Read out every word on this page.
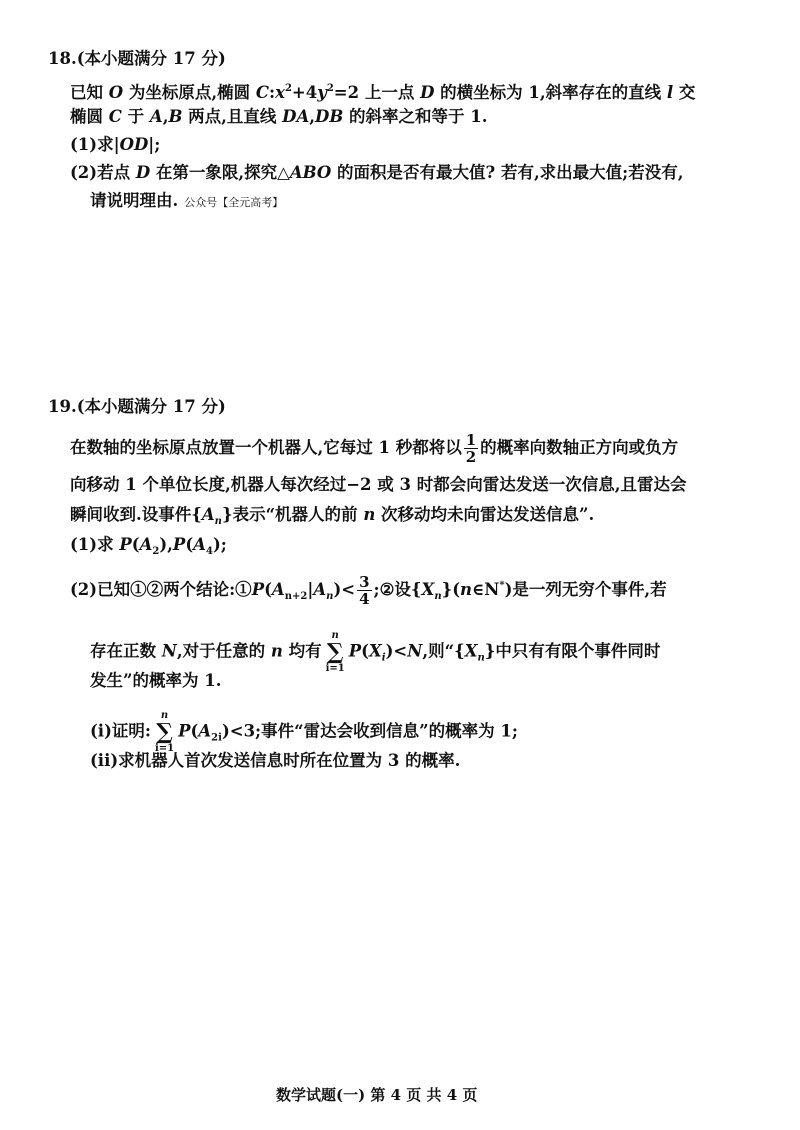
18.(本小题满分 17 分)
已知 O 为坐标原点,椭圆 $C:x^2+4y^2=2$ 上一点 D 的横坐标为 1,斜率存在的直线 l 交
椭圆 C 于 A,B 两点,且直线 DA,DB 的斜率之和等于 1.
(1)求|OD|;
(2)若点 D 在第一象限,探究△ABO 的面积是否有最大值? 若有,求出最大值;若没有,
请说明理由. 公众号【全元高考】
19.(本小题满分 17 分)
在数轴的坐标原点放置一个机器人,它每过 1 秒都将以 $\frac{1}{2}$ 的概率向数轴正方向或负方
向移动 1 个单位长度,机器人每次经过−2 或 3 时都会向雷达发送一次信息,且雷达会
瞬间收到.设事件$\{A_n\}$表示“机器人的前 n 次移动均未向雷达发送信息”.
(1)求 $P(A_2),P(A_4)$;
(2)已知①②两个结论$:①P(A_{n+2}|A_n)< \frac{3}{4}$ ;②设$\{X_n\}(n\in N^*)$是一列无穷个事件,若
存在正数 N,对于任意的 n 均有
n
∑
i=1
$P(X_i)<N$,则“$\{X_n\}$中只有有限个事件同时
发生”的概率为 1.
(i)证明:
n
∑
i=1
$P(A_{2i})<3$;事件“雷达会收到信息”的概率为 1;
(ii)求机器人首次发送信息时所在位置为 3 的概率.
数学试题(一) 第 4 页 共 4 页
